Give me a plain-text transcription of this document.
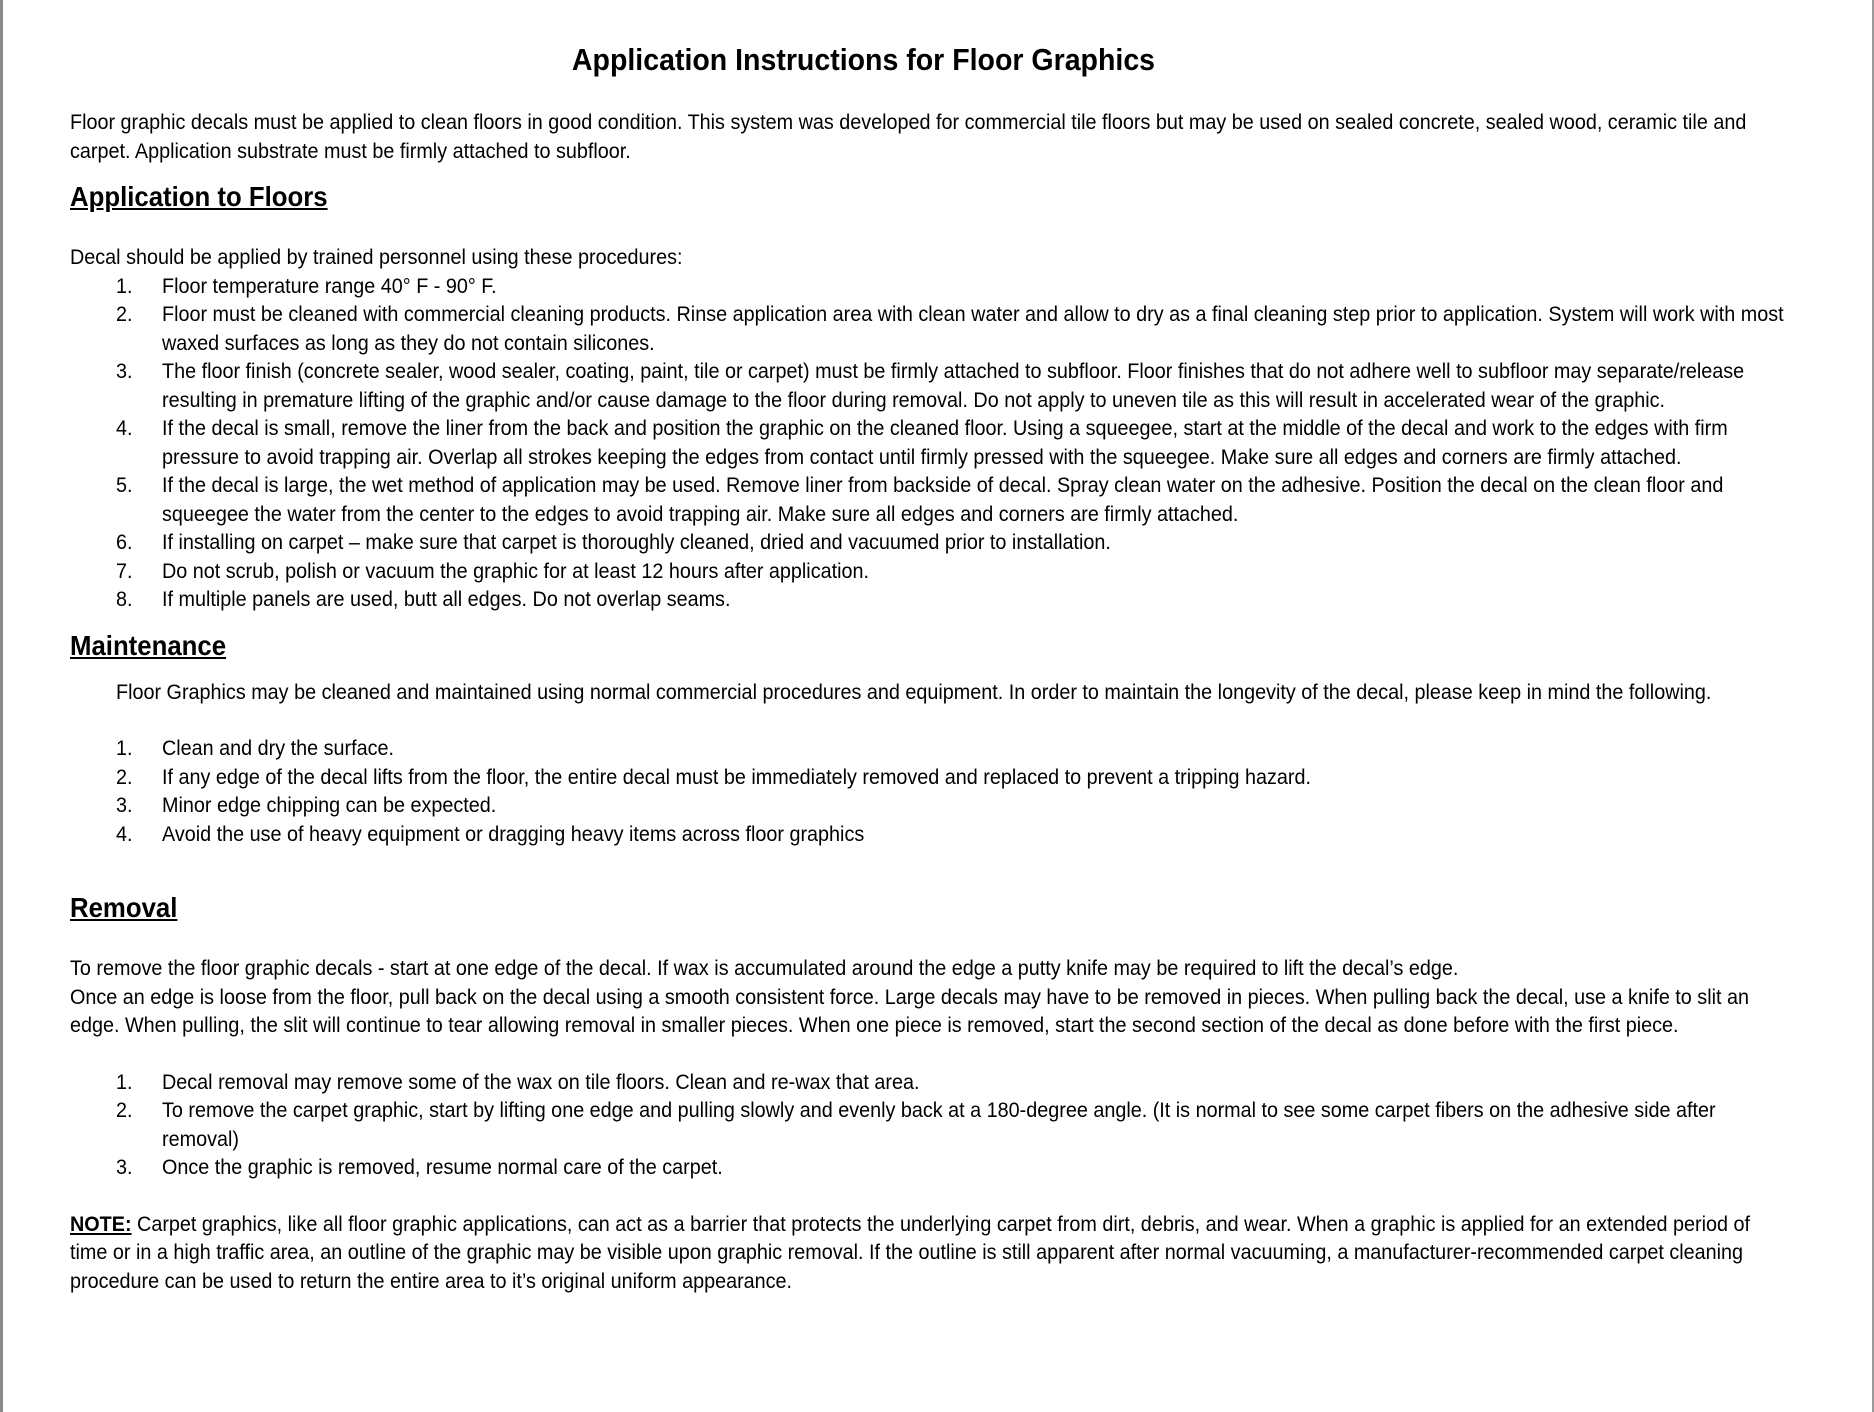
Application Instructions for Floor Graphics

Floor graphic decals must be applied to clean floors in good condition. This system was developed for commercial tile floors but may be used on sealed concrete, sealed wood, ceramic tile and carpet. Application substrate must be firmly attached to subfloor.

Application to Floors

Decal should be applied by trained personnel using these procedures:

1. Floor temperature range 40° F - 90° F.
2. Floor must be cleaned with commercial cleaning products. Rinse application area with clean water and allow to dry as a final cleaning step prior to application. System will work with most waxed surfaces as long as they do not contain silicones.
3. The floor finish (concrete sealer, wood sealer, coating, paint, tile or carpet) must be firmly attached to subfloor. Floor finishes that do not adhere well to subfloor may separate/release resulting in premature lifting of the graphic and/or cause damage to the floor during removal. Do not apply to uneven tile as this will result in accelerated wear of the graphic.
4. If the decal is small, remove the liner from the back and position the graphic on the cleaned floor. Using a squeegee, start at the middle of the decal and work to the edges with firm pressure to avoid trapping air. Overlap all strokes keeping the edges from contact until firmly pressed with the squeegee. Make sure all edges and corners are firmly attached.
5. If the decal is large, the wet method of application may be used. Remove liner from backside of decal. Spray clean water on the adhesive. Position the decal on the clean floor and squeegee the water from the center to the edges to avoid trapping air. Make sure all edges and corners are firmly attached.
6. If installing on carpet – make sure that carpet is thoroughly cleaned, dried and vacuumed prior to installation.
7. Do not scrub, polish or vacuum the graphic for at least 12 hours after application.
8. If multiple panels are used, butt all edges. Do not overlap seams.
Maintenance

Floor Graphics may be cleaned and maintained using normal commercial procedures and equipment. In order to maintain the longevity of the decal, please keep in mind the following.

1. Clean and dry the surface.
2. If any edge of the decal lifts from the floor, the entire decal must be immediately removed and replaced to prevent a tripping hazard.
3. Minor edge chipping can be expected.
4. Avoid the use of heavy equipment or dragging heavy items across floor graphics
Removal

To remove the floor graphic decals - start at one edge of the decal. If wax is accumulated around the edge a putty knife may be required to lift the decal’s edge.

Once an edge is loose from the floor, pull back on the decal using a smooth consistent force. Large decals may have to be removed in pieces. When pulling back the decal, use a knife to slit an edge. When pulling, the slit will continue to tear allowing removal in smaller pieces. When one piece is removed, start the second section of the decal as done before with the first piece.

1. Decal removal may remove some of the wax on tile floors. Clean and re-wax that area.
2. To remove the carpet graphic, start by lifting one edge and pulling slowly and evenly back at a 180-degree angle. (It is normal to see some carpet fibers on the adhesive side after removal)
3. Once the graphic is removed, resume normal care of the carpet.

NOTE: Carpet graphics, like all floor graphic applications, can act as a barrier that protects the underlying carpet from dirt, debris, and wear. When a graphic is applied for an extended period of time or in a high traffic area, an outline of the graphic may be visible upon graphic removal. If the outline is still apparent after normal vacuuming, a manufacturer-recommended carpet cleaning procedure can be used to return the entire area to it’s original uniform appearance.
